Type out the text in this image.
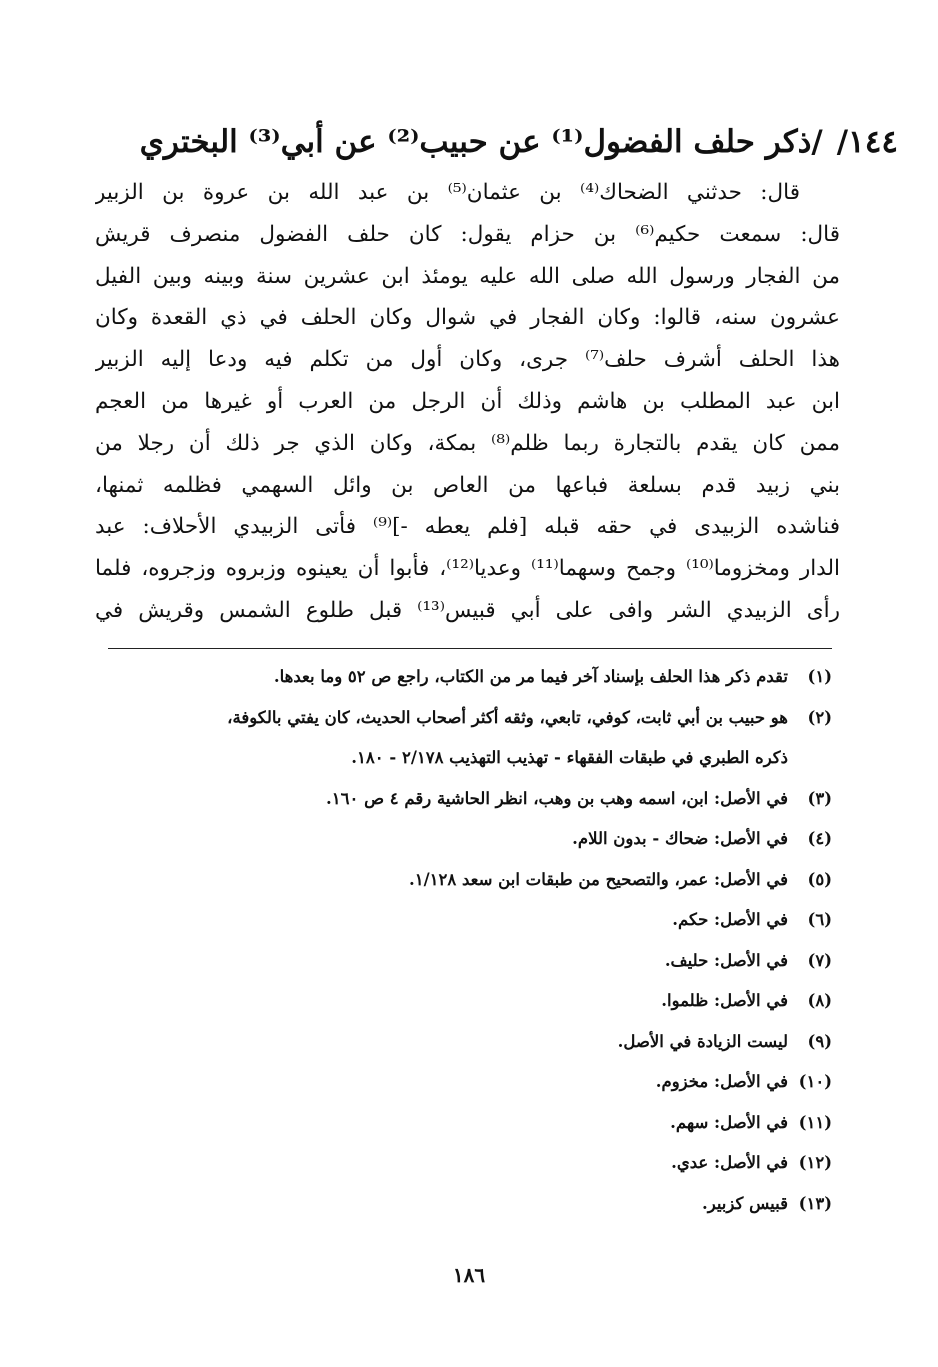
١٤٤//ذكر حلف الفضول⁽¹⁾ عن حبيب⁽²⁾ عن أبي⁽³⁾ البختري
قال: حدثني الضحاك⁽⁴⁾ بن عثمان⁽⁵⁾ بن عبد الله بن عروة بن الزبير
قال: سمعت حكيم⁽⁶⁾ بن حزام يقول: كان حلف الفضول منصرف قريش
من الفجار ورسول الله صلى الله عليه يومئذ ابن عشرين سنة وبينه وبين الفيل
عشرون سنه، قالوا: وكان الفجار في شوال وكان الحلف في ذي القعدة وكان
هذا الحلف أشرف حلف⁽⁷⁾ جرى، وكان أول من تكلم فيه ودعا إليه الزبير
ابن عبد المطلب بن هاشم وذلك أن الرجل من العرب أو غيرها من العجم
ممن كان يقدم بالتجارة ربما ظلم⁽⁸⁾ بمكة، وكان الذي جر ذلك أن رجلا من
بني زبيد قدم بسلعة فباعها من العاص بن وائل السهمي فظلمه ثمنها،
فناشده الزبيدى في حقه قبله [فلم يعطه -]⁽⁹⁾ فأتى الزبيدي الأحلاف: عبد
الدار ومخزوما⁽¹⁰⁾ وجمح وسهما⁽¹¹⁾ وعديا⁽¹²⁾، فأبوا أن يعينوه وزبروه وزجروه، فلما
رأى الزبيدي الشر وافى على أبي قبيس⁽¹³⁾ قبل طلوع الشمس وقريش في
(١)
تقدم ذكر هذا الحلف بإسناد آخر فيما مر من الكتاب، راجع ص ٥٢ وما بعدها.
(٢)
هو حبيب بن أبي ثابت، كوفي، تابعي، وثقه أكثر أصحاب الحديث، كان يفتي بالكوفة،
ذكره الطبري في طبقات الفقهاء - تهذيب التهذيب ٢/١٧٨ - ١٨٠.
(٣)
في الأصل: ابن، اسمه وهب بن وهب، انظر الحاشية رقم ٤ ص ١٦٠.
(٤)
في الأصل: ضحاك - بدون اللام.
(٥)
في الأصل: عمر، والتصحيح من طبقات ابن سعد ١/١٢٨.
(٦)
في الأصل: حكم.
(٧)
في الأصل: حليف.
(٨)
في الأصل: ظلموا.
(٩)
ليست الزيادة في الأصل.
(١٠)
في الأصل: مخزوم.
(١١)
في الأصل: سهم.
(١٢)
في الأصل: عدي.
(١٣)
قبيس كزبير.
١٨٦
